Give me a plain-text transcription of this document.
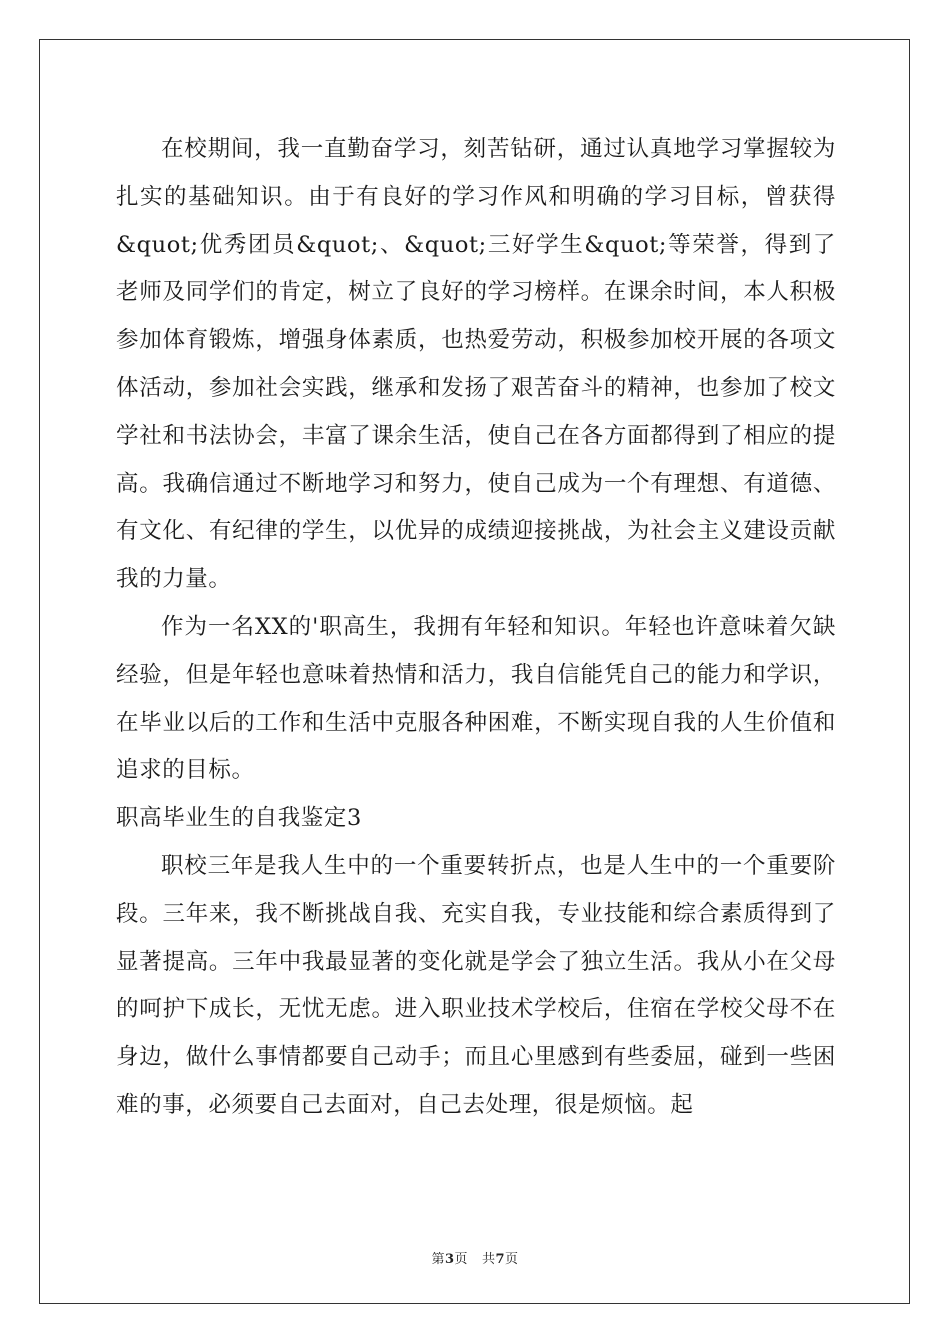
在校期间，我一直勤奋学习，刻苦钻研，通过认真地学习掌握较为扎实的基础知识。由于有良好的学习作风和明确的学习目标，曾获得&quot;优秀团员&quot;、&quot;三好学生&quot;等荣誉，得到了老师及同学们的肯定，树立了良好的学习榜样。在课余时间，本人积极参加体育锻炼，增强身体素质，也热爱劳动，积极参加校开展的各项文体活动，参加社会实践，继承和发扬了艰苦奋斗的精神，也参加了校文学社和书法协会，丰富了课余生活，使自己在各方面都得到了相应的提高。我确信通过不断地学习和努力，使自己成为一个有理想、有道德、有文化、有纪律的学生，以优异的成绩迎接挑战，为社会主义建设贡献我的力量。

作为一名XX的'职高生，我拥有年轻和知识。年轻也许意味着欠缺经验，但是年轻也意味着热情和活力，我自信能凭自己的能力和学识，在毕业以后的工作和生活中克服各种困难，不断实现自我的人生价值和追求的目标。

职高毕业生的自我鉴定3

职校三年是我人生中的一个重要转折点，也是人生中的一个重要阶段。三年来，我不断挑战自我、充实自我，专业技能和综合素质得到了显著提高。三年中我最显著的变化就是学会了独立生活。我从小在父母的呵护下成长，无忧无虑。进入职业技术学校后，住宿在学校父母不在身边，做什么事情都要自己动手；而且心里感到有些委屈，碰到一些困难的事，必须要自己去面对，自己去处理，很是烦恼。起

第3页 共7页
